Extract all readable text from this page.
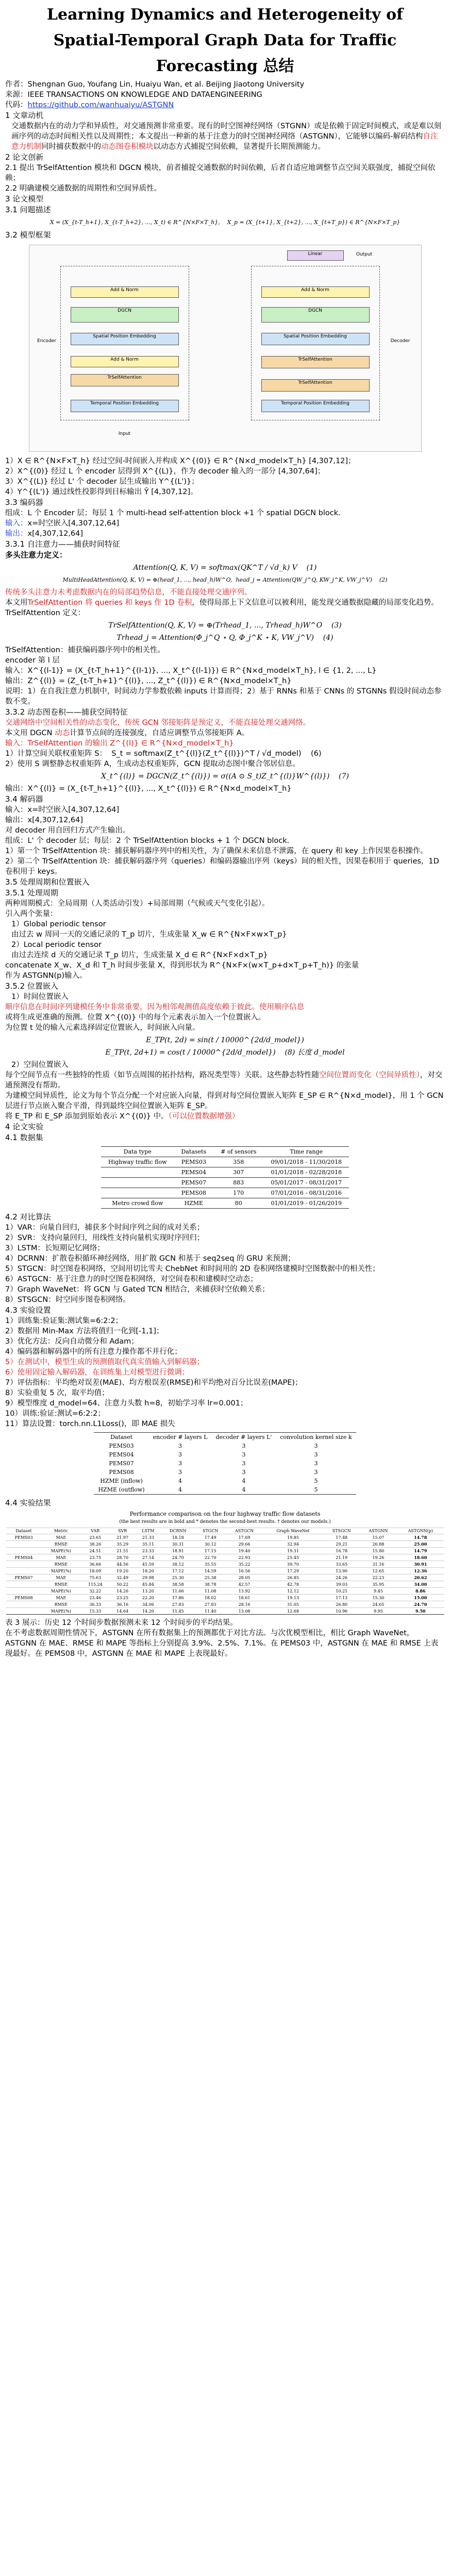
Learning Dynamics and Heterogeneity of Spatial-Temporal Graph Data for Traffic Forecasting 总结

作者：Shengnan Guo, Youfang Lin, Huaiyu Wan, et al. Beijing Jiaotong University

来源：IEEE TRANSACTIONS ON KNOWLEDGE AND DATAENGINEERING

代码：https://github.com/wanhuaiyu/ASTGNN

1 文章动机

交通数据内在的动力学和异质性，对交通预测非常重要。现有的时空图神经网络（STGNN）或是依赖于固定时间模式，或是难以刻画序列的动态时间相关性以及周期性；本文提出一种新的基于注意力的时空图神经网络（ASTGNN），它能够以编码-解码结构自注意力机制同时捕获数据中的动态图卷积模块以动态方式捕捉空间依赖，显著提升长期预测能力。

2 论文创新

2.1 提出 TrSelfAttention 模块和 DGCN 模块，前者捕捉交通数据的时间依赖，后者自适应地调整节点空间关联强度，捕捉空间依赖；

2.2 明确建模交通数据的周期性和空间异质性。

3 论文模型

3.1 问题描述

X = (X_{t-T_h+1}, X_{t-T_h+2}, ..., X_t) ∈ R^{N×F×T_h},    X_p = (X_{t+1}, X_{t+2}, ..., X_{t+T_p}) ∈ R^{N×F×T_p}

3.2 模型框架

Encoder	Decoder
Temporal Position Embedding
TrSelfAttention
Add & Norm
Spatial Position Embedding
DGCN
Add & Norm
Temporal Position Embedding
TrSelfAttention
TrSelfAttention
Spatial Position Embedding
DGCN
Add & Norm
Linear
Input
Output

1）X ∈ R^{N×F×T_h} 经过空间-时间嵌入并构成 X^{(0)} ∈ R^{N×d_model×T_h} [4,307,12]；

2）X^{(0)} 经过 L 个 encoder 层得到 X^{(L)}，作为 decoder 输入的一部分 [4,307,64]；

3）X^{(L)} 经过 L' 个 decoder 层生成输出 Y^{(L')}；

4）Y^{(L')} 通过线性投影得到目标输出 Ŷ [4,307,12]。

3.3 编码器

组成：L 个 Encoder 层；每层 1 个 multi-head self-attention block +1 个 spatial DGCN block.

输入：x=时空嵌入[4,307,12,64]

输出：x[4,307,12,64]

3.3.1 自注意力——捕获时间特征

多头注意力定义：

Attention(Q, K, V) = softmax(QK^T / √d_k) V    (1)
MultiHeadAttention(Q, K, V) = ⊕(head_1, ..., head_h)W^O,  head_j = Attention(QW_j^Q, KW_j^K, VW_j^V)    (2)

传统多头注意力未考虑数据内在的局部趋势信息，不能直接处理交通序列。

本文用TrSelfAttention 将 queries 和 keys 作 1D 卷积，使得局部上下文信息可以被利用，能发现交通数据隐藏的局部变化趋势。

TrSelfAttention 定义：

TrSelfAttention(Q, K, V) = ⊕(Trhead_1, ..., Trhead_h)W^O    (3)
Trhead_j = Attention(Φ_j^Q ⋆ Q, Φ_j^K ⋆ K, VW_j^V)    (4)

TrSelfAttention：捕获编码器序列中的相关性。

encoder 第 l 层

输入：X^{(l-1)} = (X_{t-T_h+1}^{(l-1)}, ..., X_t^{(l-1)}) ∈ R^{N×d_model×T_h}, l ∈ {1, 2, ..., L}

输出：Z^{(l)} = (Z_{t-T_h+1}^{(l)}, ..., Z_t^{(l)}) ∈ R^{N×d_model×T_h}

说明：1）在自我注意力机制中，时间动力学参数依赖 inputs 计算而得；2）基于 RNNs 和基于 CNNs 的 STGNNs 假设时间动态参数不变。

3.3.2 动态图卷积——捕获空间特征

交通网络中空间相关性的动态变化，传统 GCN 邻接矩阵是预定义，不能直接处理交通网络。

本文用 DGCN 动态计算节点间的连接强度，自适应调整节点邻接矩阵 A。

输入：TrSelfAttention 的输出 Z^{(l)} ∈ R^{N×d_model×T_h}

1）计算空间关联权重矩阵 S：  S_t = softmax(Z_t^{(l)}(Z_t^{(l)})^T / √d_model)    (6)

2）使用 S 调整静态权重矩阵 A，生成动态权重矩阵，GCN 提取动态图中聚合邻居信息。

X_t^{(l)} = DGCN(Z_t^{(l)}) = σ((A ⊙ S_t)Z_t^{(l)}W^{(l)})    (7)

输出：X^{(l)} = (X_{t-T_h+1}^{(l)}, ..., X_t^{(l)}) ∈ R^{N×d_model×T_h}

3.4 解码器

输入：x=时空嵌入[4,307,12,64]

输出：x[4,307,12,64]

对 decoder 用自回归方式产生输出。

组成：L' 个 decoder 层；每层：2 个 TrSelfAttention blocks + 1 个 DGCN block.

1）第一个 TrSelfAttention 块：捕获解码器序列中的相关性，为了确保未来信息不泄露，在 query 和 key 上作因果卷积操作。

2）第二个 TrSelfAttention 块：捕获解码器序列（queries）和编码器输出序列（keys）间的相关性，因果卷积用于 queries，1D 卷积用于 keys。

3.5 处理周期和位置嵌入

3.5.1 处理周期

两种周期模式：全局周期（人类活动引发）+局部周期（气候或天气变化引起）。

引入两个张量：

1）Global periodic tensor

由过去 w 周同一天的交通记录的 T_p 切片，生成张量 X_w ∈ R^{N×F×w×T_p}

2）Local periodic tensor

由过去连续 d 天的交通记录 T_p 切片，生成张量 X_d ∈ R^{N×F×d×T_p}

concatenate X_w、X_d 和 T_h 时间步张量 X，得到形状为 R^{N×F×(w×T_p+d×T_p+T_h)} 的张量

作为 ASTGNN(p)输入。

3.5.2 位置嵌入

1）时间位置嵌入

顺序信息在时间序列建模任务中非常重要，因为相邻观测值高度依赖于彼此。使用顺序信息

或将生成更准确的预测。位置 X^{(0)} 中的每个元素表示加入一个位置嵌入。

为位置 t 处的输入元素选择固定位置嵌入，时间嵌入向量。

E_TP(t, 2d) = sin(t / 10000^{2d/d_model})
E_TP(t, 2d+1) = cos(t / 10000^{2d/d_model})    (8) 长度 d_model

2）空间位置嵌入

每个空间节点有一些独特的性质（如节点周围的拓扑结构，路况类型等）关联。这些静态特性随空间位置而变化（空间异质性），对交通预测没有帮助。

为建模空间异质性，论文为每个节点分配一个对应嵌入向量，得到对每空间位置嵌入矩阵 E_SP ∈ R^{N×d_model}，用 1 个 GCN 层进行节点嵌入聚合平滑，得到最终空间位置嵌入矩阵 E_SP。

将 E_TP 和 E_SP 添加到原始表示 X^{(0)} 中。（可以位置数据增强）

4 论文实验

4.1 数据集

Data type	Datasets	# of sensors	Time range
Highway traffic flow	PEMS03	358	09/01/2018 - 11/30/2018
	PEMS04	307	01/01/2018 - 02/28/2018
	PEMS07	883	05/01/2017 - 08/31/2017
	PEMS08	170	07/01/2016 - 08/31/2016
Metro crowd flow	HZME	80	01/01/2019 - 01/26/2019

4.2 对比算法

1）VAR：向量自回归，捕获多个时间序列之间的成对关系；

2）SVR：支持向量回归，用线性支持向量机实现时序回归；

3）LSTM：长短期记忆网络；

4）DCRNN：扩散卷积循环神经网络，用扩散 GCN 和基于 seq2seq 的 GRU 来预测；

5）STGCN：时空图卷积网络，空间用切比雪夫 ChebNet 和时间用的 2D 卷积网络建模时空图数据中的相关性；

6）ASTGCN：基于注意力的时空图卷积网络，对空间卷积和建模时空动态；

7）Graph WaveNet：将 GCN 与 Gated TCN 相结合，来捕获时空依赖关系；

8）STSGCN：时空同步图卷积网络。

4.3 实验设置

1）训练集:验证集:测试集=6:2:2；

2）数据用 Min-Max 方法将值归一化到[-1,1]；

3）优化方法：反向自动微分和 Adam；

4）编码器和解码器中的所有注意力操作都不并行化；

5）在测试中，模型生成的预测值取代真实值输入到解码器；

6）使用固定输入解码器，在训练集上对模型进行微调；

7）评估指标：平均绝对误差(MAE)、均方根误差(RMSE)和平均绝对百分比误差(MAPE)；

8）实验重复 5 次，取平均值；

9）模型维度 d_model=64、注意力头数 h=8，初始学习率 lr=0.001；

10）训练:验证:测试=6:2:2；

11）算法设置：torch.nn.L1Loss()，即 MAE 损失

Dataset	encoder # layers L	decoder # layers L'	convolution kernel size k
PEMS03	3	3	3
PEMS04	3	3	3
PEMS07	3	3	3
PEMS08	3	3	3
HZME (inflow)	4	4	5
HZME (outflow)	4	4	5

4.4 实验结果

Performance comparison on the four highway traffic flow datasets
(the best results are in bold and * denotes the second-best results. † denotes our models.)
Dataset	Metric	VAR	SVR	LSTM	DCRNN	STGCN	ASTGCN	Graph WaveNet	STSGCN	ASTGNN	ASTGNN(p)
PEMS03	MAE	23.65	21.97	21.33	18.18	17.49	17.69	19.85	17.48	15.07	14.78
	RMSE	38.26	35.29	35.11	30.31	30.12	29.66	32.94	29.21	26.88	25.00
	MAPE(%)	24.51	21.51	23.33	18.91	17.15	19.40	19.31	16.78	15.80	14.79
PEMS04	MAE	23.75	28.70	27.14	24.70	22.70	22.93	25.45	21.19	19.26	18.60
	RMSE	36.66	44.56	41.59	38.12	35.55	35.22	39.70	33.65	31.16	30.91
	MAPE(%)	18.09	19.20	18.20	17.12	14.59	16.56	17.29	13.90	12.65	12.36
PEMS07	MAE	75.63	32.49	29.98	25.30	25.38	28.05	26.85	24.26	22.23	20.62
	RMSE	115.24	50.22	45.84	38.58	38.78	42.57	42.78	39.03	35.95	34.00
	MAPE(%)	32.22	14.26	13.20	11.66	11.08	13.92	12.12	10.21	9.45	8.86
PEMS08	MAE	23.46	23.25	22.20	17.86	18.02	18.61	19.13	17.13	15.30	15.00
	RMSE	36.33	36.16	34.06	27.83	27.83	28.16	31.05	26.80	24.65	24.70
	MAPE(%)	15.33	14.64	14.20	11.45	11.40	13.08	12.68	10.96	9.95	9.50

表 3 展示：历史 12 个时间步数据预测未来 12 个时间步的平均结果。

在不考虑数据周期性情况下，ASTGNN 在所有数据集上的预测都优于对比方法。与次优模型相比，相比 Graph WaveNet，ASTGNN 在 MAE、RMSE 和 MAPE 等指标上分别提高 3.9%、2.5%、7.1%。在 PEMS03 中，ASTGNN 在 MAE 和 RMSE 上表现最好。在 PEMS08 中，ASTGNN 在 MAE 和 MAPE 上表现最好。
